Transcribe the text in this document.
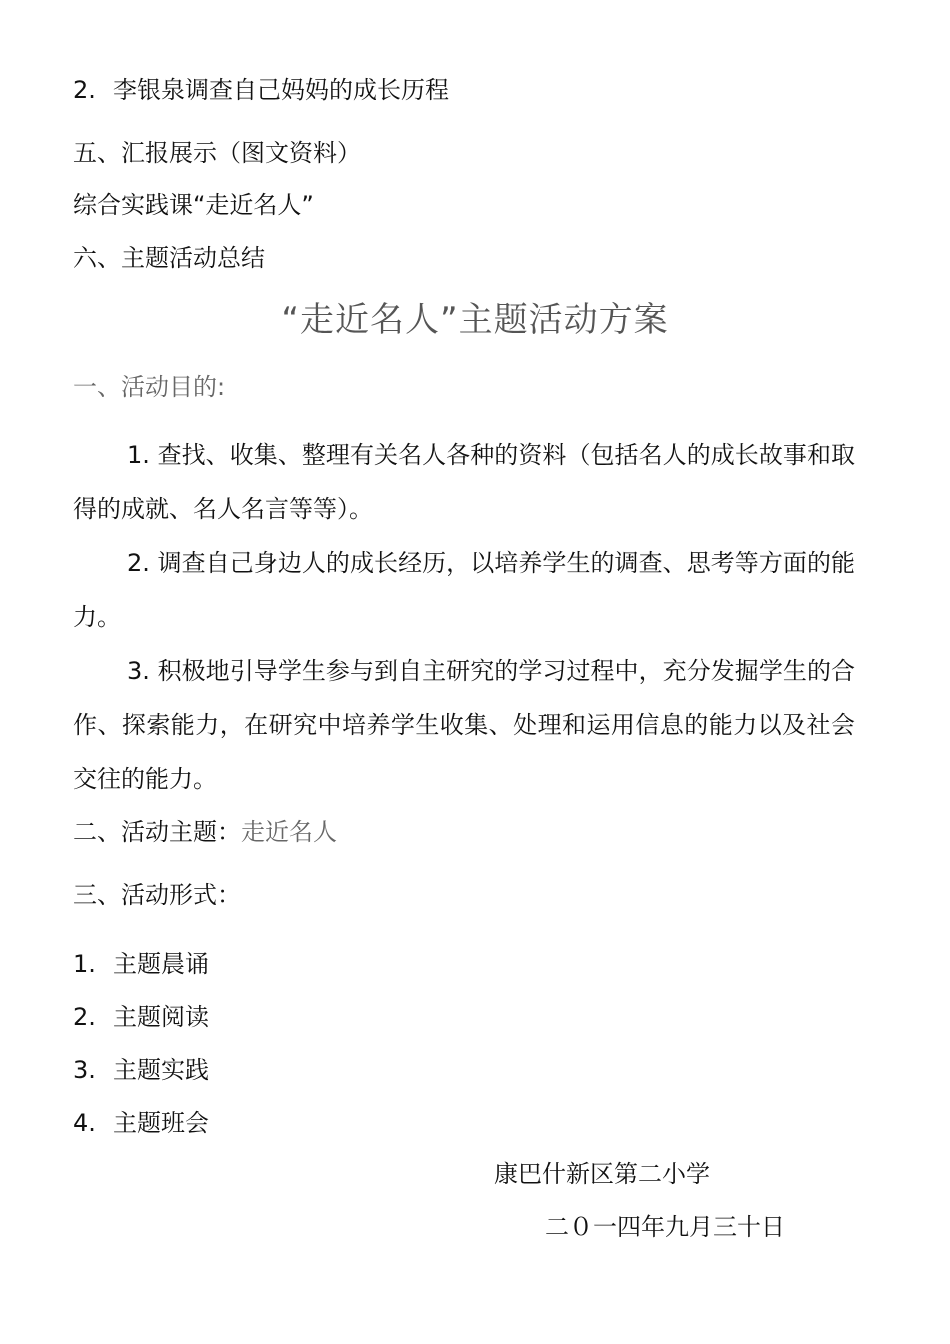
2. 李银泉调查自己妈妈的成长历程
五、汇报展示（图文资料）
综合实践课“走近名人”
六、主题活动总结
“走近名人”主题活动方案
一、活动目的:
1. 查找、收集、整理有关名人各种的资料（包括名人的成长故事和取得的成就、名人名言等等）。
2. 调查自己身边人的成长经历，以培养学生的调查、思考等方面的能力。
3. 积极地引导学生参与到自主研究的学习过程中，充分发掘学生的合作、探索能力，在研究中培养学生收集、处理和运用信息的能力以及社会交往的能力。
二、活动主题：走近名人
三、活动形式：
1. 主题晨诵
2. 主题阅读
3. 主题实践
4. 主题班会
康巴什新区第二小学
二０一四年九月三十日
